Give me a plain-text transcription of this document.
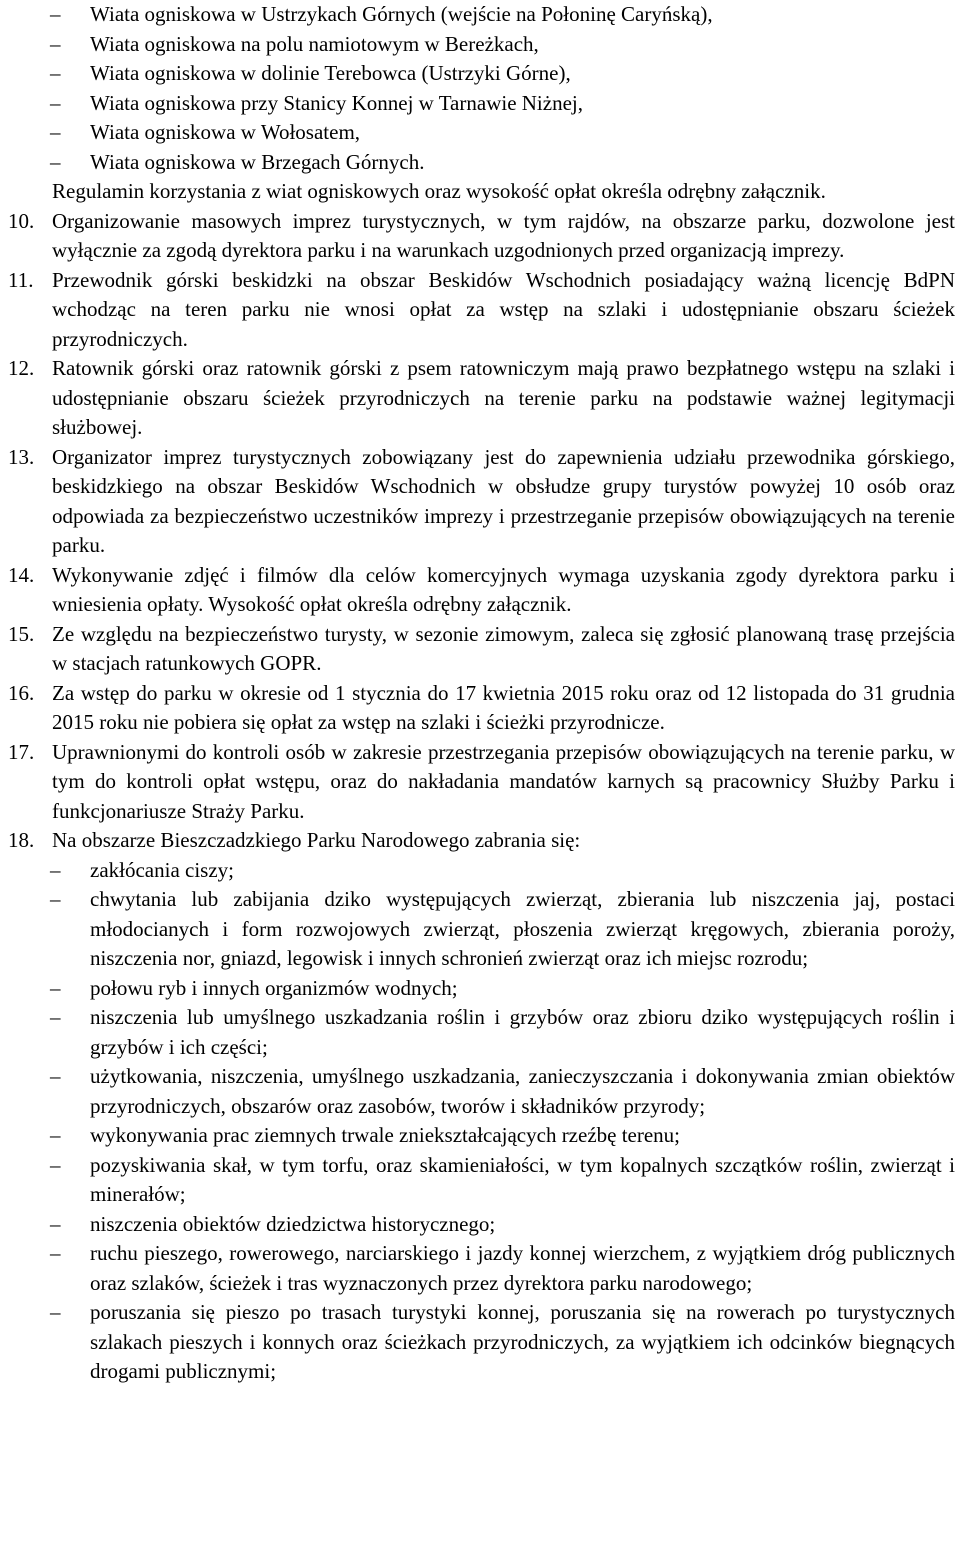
–	Wiata ogniskowa w Ustrzykach Górnych (wejście na Połoninę Caryńską),
–	Wiata ogniskowa na polu namiotowym w Bereżkach,
–	Wiata ogniskowa w dolinie Terebowca (Ustrzyki Górne),
–	Wiata ogniskowa przy Stanicy Konnej w Tarnawie Niżnej,
–	Wiata ogniskowa w Wołosatem,
–	Wiata ogniskowa w Brzegach Górnych.
Regulamin korzystania z wiat ogniskowych oraz wysokość opłat określa odrębny załącznik.
10. Organizowanie masowych imprez turystycznych, w tym rajdów, na obszarze parku, dozwolone jest wyłącznie za zgodą dyrektora parku i na warunkach uzgodnionych przed organizacją imprezy.
11. Przewodnik górski beskidzki na obszar Beskidów Wschodnich posiadający ważną licencję BdPN wchodząc na teren parku nie wnosi opłat za wstęp na szlaki i udostępnianie obszaru ścieżek przyrodniczych.
12. Ratownik górski oraz ratownik górski z psem ratowniczym mają prawo bezpłatnego wstępu na szlaki i udostępnianie obszaru ścieżek przyrodniczych na terenie parku na podstawie ważnej legitymacji służbowej.
13. Organizator imprez turystycznych zobowiązany jest do zapewnienia udziału przewodnika górskiego, beskidzkiego na obszar Beskidów Wschodnich w obsłudze grupy turystów powyżej 10 osób oraz odpowiada za bezpieczeństwo uczestników imprezy i przestrzeganie przepisów obowiązujących na terenie parku.
14. Wykonywanie zdjęć i filmów dla celów komercyjnych wymaga uzyskania zgody dyrektora parku i wniesienia opłaty. Wysokość opłat określa odrębny załącznik.
15. Ze względu na bezpieczeństwo turysty, w sezonie zimowym, zaleca się zgłosić planowaną trasę przejścia w stacjach ratunkowych GOPR.
16. Za wstęp do parku w okresie od 1 stycznia do 17 kwietnia 2015 roku oraz od 12 listopada do 31 grudnia 2015 roku nie pobiera się opłat za wstęp na szlaki i ścieżki przyrodnicze.
17. Uprawnionymi do kontroli osób w zakresie przestrzegania przepisów obowiązujących na terenie parku, w tym do kontroli opłat wstępu, oraz do nakładania mandatów karnych są pracownicy Służby Parku i funkcjonariusze Straży Parku.
18. Na obszarze Bieszczadzkiego Parku Narodowego zabrania się:
–	zakłócania ciszy;
–	chwytania lub zabijania dziko występujących zwierząt, zbierania lub niszczenia jaj, postaci młodocianych i form rozwojowych zwierząt, płoszenia zwierząt kręgowych, zbierania poroży, niszczenia nor, gniazd, legowisk i innych schronień zwierząt oraz ich miejsc rozrodu;
–	połowu ryb i innych organizmów wodnych;
–	niszczenia lub umyślnego uszkadzania roślin i grzybów oraz zbioru dziko występujących roślin i grzybów i ich części;
–	użytkowania, niszczenia, umyślnego uszkadzania, zanieczyszczania i dokonywania zmian obiektów przyrodniczych, obszarów oraz zasobów, tworów i składników przyrody;
–	wykonywania prac ziemnych trwale zniekształcających rzeźbę terenu;
–	pozyskiwania skał, w tym torfu, oraz skamieniałości, w tym kopalnych szczątków roślin, zwierząt i minerałów;
–	niszczenia obiektów dziedzictwa historycznego;
–	ruchu pieszego, rowerowego, narciarskiego i jazdy konnej wierzchem, z wyjątkiem dróg publicznych oraz szlaków, ścieżek i tras wyznaczonych przez dyrektora parku narodowego;
–	poruszania się pieszo po trasach turystyki konnej, poruszania się na rowerach po turystycznych szlakach pieszych i konnych oraz ścieżkach przyrodniczych, za wyjątkiem ich odcinków biegnących drogami publicznymi;
